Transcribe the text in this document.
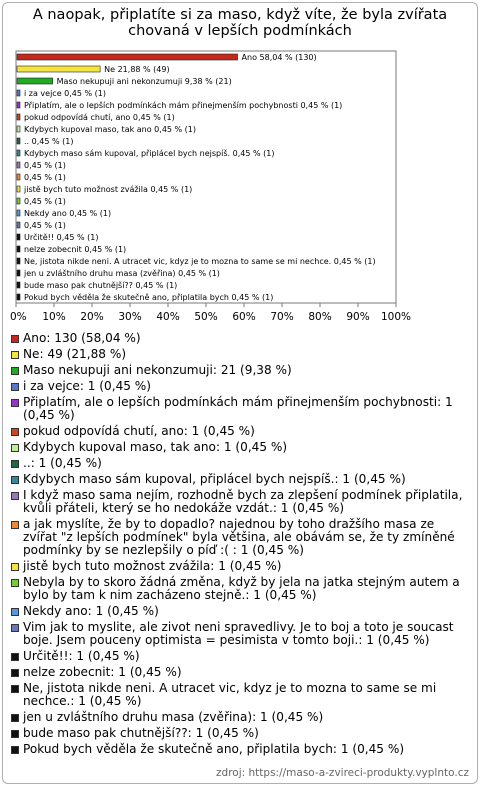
A naopak, připlatíte si za maso, když víte, že byla zvířata chovaná v lepších podmínkách
Ano 58,04 % (130)
Ne 21,88 % (49)
Maso nekupuji ani nekonzumuji 9,38 % (21)
i za vejce 0,45 % (1)
Připlatím, ale o lepších podmínkách mám přinejmenším pochybnosti 0,45 % (1)
pokud odpovídá chutí, ano 0,45 % (1)
Kdybych kupoval maso, tak ano 0,45 % (1)
.. 0,45 % (1)
Kdybych maso sám kupoval, připlácel bych nejspíš. 0,45 % (1)
0,45 % (1)
0,45 % (1)
jistě bych tuto možnost zvážila 0,45 % (1)
0,45 % (1)
Nekdy ano 0,45 % (1)
0,45 % (1)
Určitě!! 0,45 % (1)
nelze zobecnit 0,45 % (1)
Ne, jistota nikde neni. A utracet vic, kdyz je to mozna to same se mi nechce. 0,45 % (1)
jen u zvláštního druhu masa (zvěřina) 0,45 % (1)
bude maso pak chutnější?? 0,45 % (1)
Pokud bych věděla že skutečně ano, připlatila bych 0,45 % (1)
0% 10% 20% 30% 40% 50% 60% 70% 80% 90% 100%
Ano: 130 (58,04 %)
Ne: 49 (21,88 %)
Maso nekupuji ani nekonzumuji: 21 (9,38 %)
i za vejce: 1 (0,45 %)
Připlatím, ale o lepších podmínkách mám přinejmenším pochybnosti: 1 (0,45 %)
pokud odpovídá chutí, ano: 1 (0,45 %)
Kdybych kupoval maso, tak ano: 1 (0,45 %)
..: 1 (0,45 %)
Kdybych maso sám kupoval, připlácel bych nejspíš.: 1 (0,45 %)
I když maso sama nejím, rozhodně bych za zlepšení podmínek připlatila, kvůli přáteli, který se ho nedokáže vzdát.: 1 (0,45 %)
a jak myslíte, že by to dopadlo? najednou by toho dražšího masa ze zvířat "z lepších podmínek" byla většina, ale obávám se, že ty zmíněné podmínky by se nezlepšily o píď :( : 1 (0,45 %)
jistě bych tuto možnost zvážila: 1 (0,45 %)
Nebyla by to skoro žádná změna, když by jela na jatka stejným autem a bylo by tam k nim zacházeno stejně.: 1 (0,45 %)
Nekdy ano: 1 (0,45 %)
Vim jak to myslite, ale zivot neni spravedlivy. Je to boj a toto je soucast boje. Jsem pouceny optimista = pesimista v tomto boji.: 1 (0,45 %)
Určitě!!: 1 (0,45 %)
nelze zobecnit: 1 (0,45 %)
Ne, jistota nikde neni. A utracet vic, kdyz je to mozna to same se mi nechce.: 1 (0,45 %)
jen u zvláštního druhu masa (zvěřina): 1 (0,45 %)
bude maso pak chutnější??: 1 (0,45 %)
Pokud bych věděla že skutečně ano, připlatila bych: 1 (0,45 %)
zdroj: https://maso-a-zvireci-produkty.vyplnto.cz
